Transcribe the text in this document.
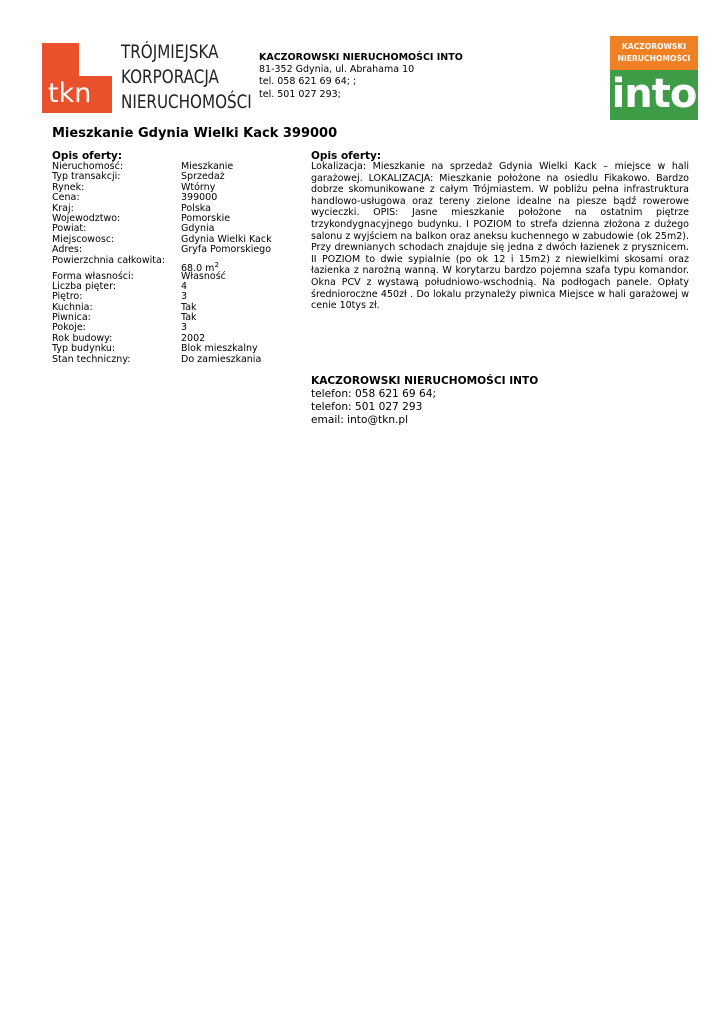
tkn
TRÓJMIEJSKA
KORPORACJA
NIERUCHOMOŚCI
KACZOROWSKI NIERUCHOMOŚCI INTO
81-352 Gdynia, ul. Abrahama 10
tel. 058 621 69 64; ;
tel. 501 027 293;
KACZOROWSKI
NIERUCHOMOŚCI
into
Mieszkanie Gdynia Wielki Kack 399000
Opis oferty:
Nieruchomość:	Mieszkanie
Typ transakcji:	Sprzedaż
Rynek:	Wtórny
Cena:	399000
Kraj:	Polska
Wojewodztwo:	Pomorskie
Powiat:	Gdynia
Miejscowosc:	Gdynia Wielki Kack
Adres:	Gryfa Pomorskiego
Powierzchnia całkowita:
68.0 $m^2$
Forma własności:	Własność
Liczba pięter:	4
Piętro:	3
Kuchnia:	Tak
Piwnica:	Tak
Pokoje:	3
Rok budowy:	2002
Typ budynku:	Blok mieszkalny
Stan techniczny:	Do zamieszkania
Opis oferty:
Lokalizacja: Mieszkanie na sprzedaż Gdynia Wielki Kack – miejsce w hali garażowej. LOKALIZACJA: Mieszkanie położone na osiedlu Fikakowo. Bardzo dobrze skomunikowane z całym Trójmiastem. W pobliżu pełna infrastruktura handlowo-usługowa oraz tereny zielone idealne na piesze bądź rowerowe wycieczki. OPIS: Jasne mieszkanie położone na ostatnim piętrze trzykondygnacyjnego budynku. I POZIOM to strefa dzienna złożona z dużego salonu z wyjściem na balkon oraz aneksu kuchennego w zabudowie (ok 25m2). Przy drewnianych schodach znajduje się jedna z dwóch łazienek z prysznicem. II POZIOM to dwie sypialnie (po ok 12 i 15m2) z niewielkimi skosami oraz łazienka z narożną wanną. W korytarzu bardzo pojemna szafa typu komandor. Okna PCV z wystawą południowo-wschodnią. Na podłogach panele. Opłaty średnioroczne 450zł . Do lokalu przynależy piwnica Miejsce w hali garażowej w cenie 10tys zł.
KACZOROWSKI NIERUCHOMOŚCI INTO
telefon: 058 621 69 64;
telefon: 501 027 293
email: into@tkn.pl
